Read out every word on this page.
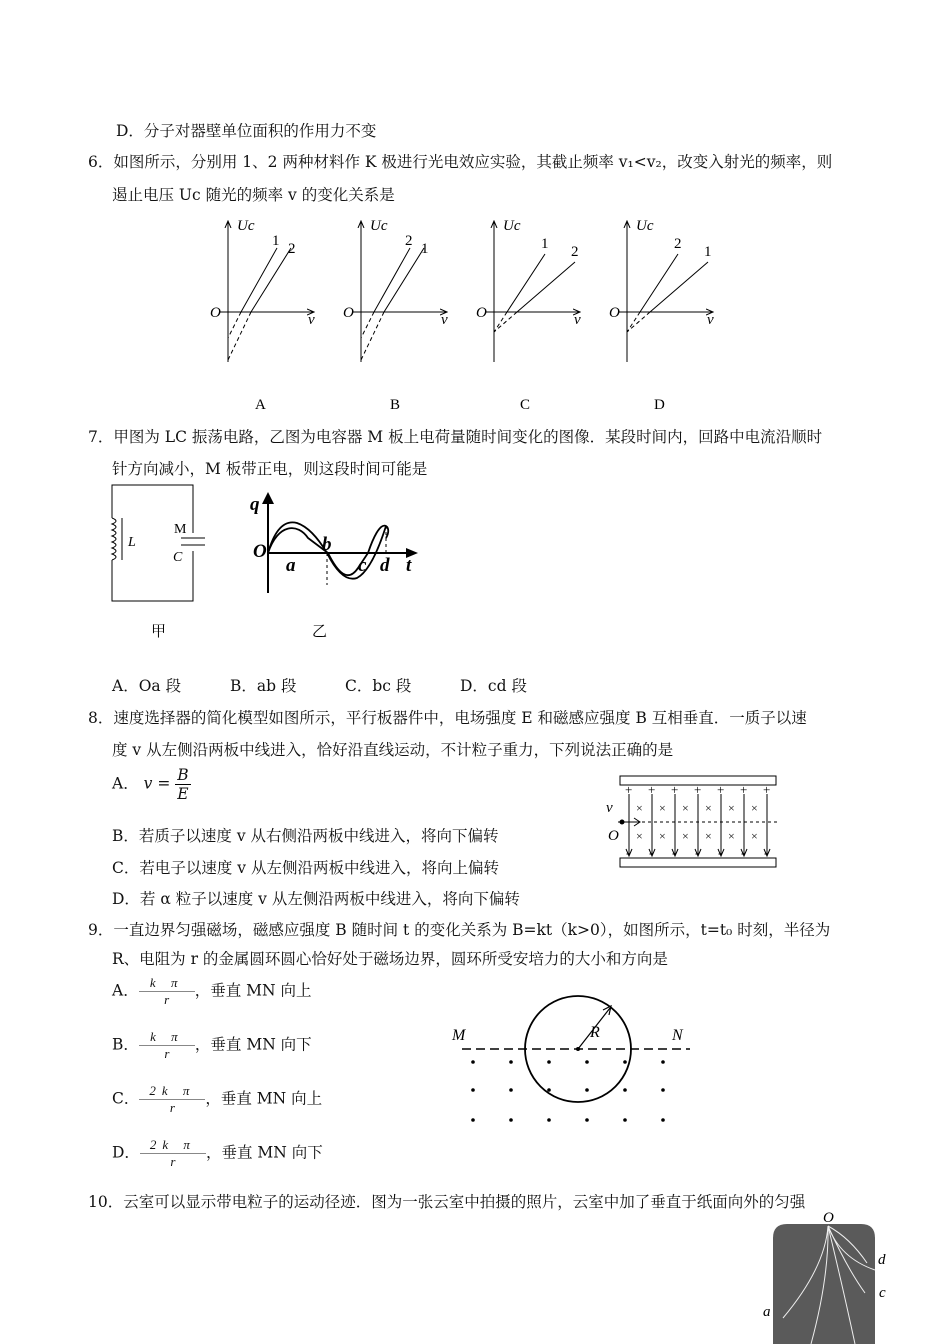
D．分子对器壁单位面积的作用力不变
6．如图所示，分别用 1、2 两种材料作 K 极进行光电效应实验，其截止频率 v₁<v₂，改变入射光的频率，则
遏止电压 Uc 随光的频率 v 的变化关系是
Uc
O	v
1 2
A
Uc
O	v
2 1
B
Uc
O	v
1 2
C
Uc
O	v
2 1
D
7．甲图为 LC 振荡电路，乙图为电容器 M 板上电荷量随时间变化的图像．某段时间内，回路中电流沿顺时
针方向减小，M 板带正电，则这段时间可能是
L
M
C
甲
q
O
a
b
c d t
乙
A．Oa 段	B．ab 段	C．bc 段	D．cd 段
8．速度选择器的简化模型如图所示，平行板器件中，电场强度 E 和磁感应强度 B 互相垂直．一质子以速
度 v 从左侧沿两板中线进入，恰好沿直线运动，不计粒子重力，下列说法正确的是
A． $v = \frac{B}{E}$
B．若质子以速度 v 从右侧沿两板中线进入，将向下偏转
C．若电子以速度 v 从左侧沿两板中线进入，将向上偏转
D．若 α 粒子以速度 v 从左侧沿两板中线进入，将向下偏转
+
-
×
×
+
-
×
×
+
-
×
×
+
-
×
×
+
-
×
×
+
-
×
×
+
-
v
O
9．一直边界匀强磁场，磁感应强度 B 随时间 t 的变化关系为 B=kt（k>0），如图所示，t=t₀ 时刻，半径为
R、电阻为 r 的金属圆环圆心恰好处于磁场边界，圆环所受安培力的大小和方向是
A． $\frac{\text{k π}}{r}$ ，垂直 MN 向上
B． $\frac{\text{k π}}{r}$ ，垂直 MN 向下
C． $\frac{\text{2k π}}{r}$ ，垂直 MN 向上
D． $\frac{\text{2k π}}{r}$ ，垂直 MN 向下
M	N
R
10．云室可以显示带电粒子的运动径迹．图为一张云室中拍摄的照片，云室中加了垂直于纸面向外的匀强
O
d
c
a
